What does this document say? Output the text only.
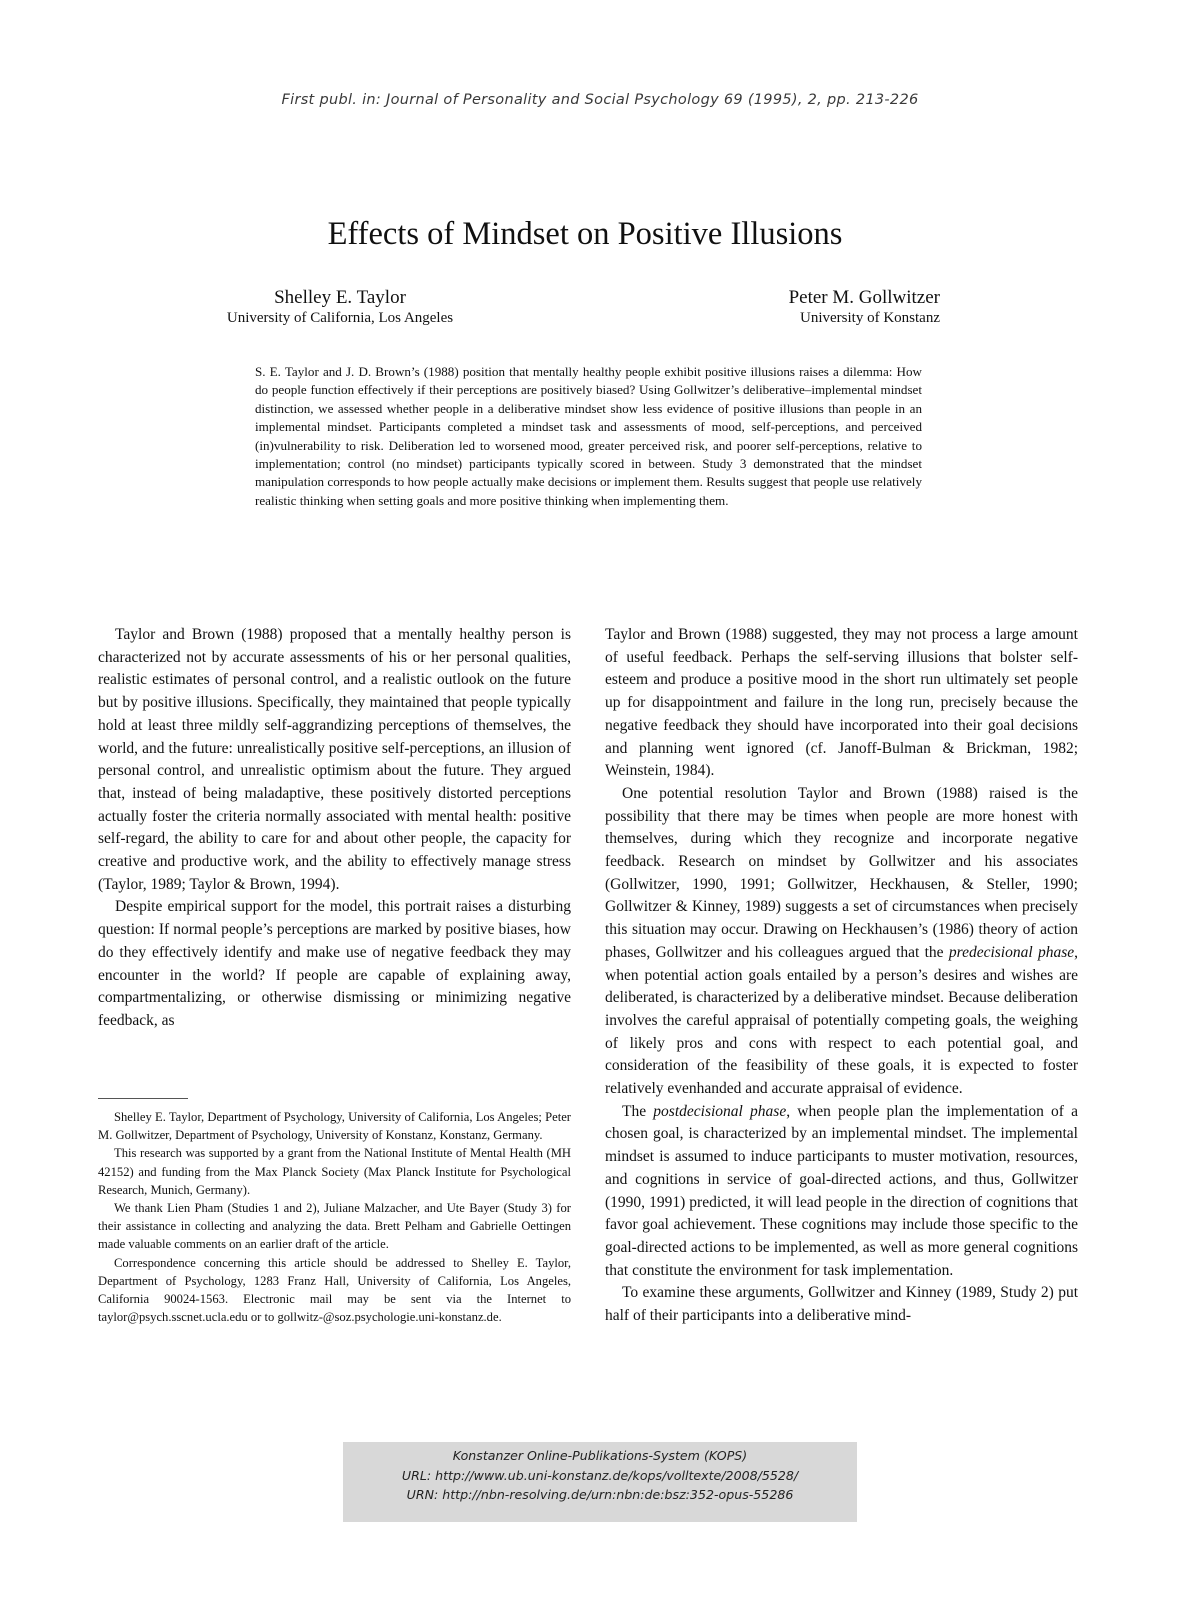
First publ. in: Journal of Personality and Social Psychology 69 (1995), 2, pp. 213-226
Effects of Mindset on Positive Illusions
Shelley E. Taylor
University of California, Los Angeles
Peter M. Gollwitzer
University of Konstanz

S. E. Taylor and J. D. Brown’s (1988) position that mentally healthy people exhibit positive illusions raises a dilemma: How do people function effectively if their perceptions are positively biased? Using Gollwitzer’s deliberative–implemental mindset distinction, we assessed whether people in a deliberative mindset show less evidence of positive illusions than people in an implemental mindset. Participants completed a mindset task and assessments of mood, self-perceptions, and perceived (in)vulnerability to risk. Deliberation led to worsened mood, greater perceived risk, and poorer self-perceptions, relative to implementation; control (no mindset) participants typically scored in between. Study 3 demonstrated that the mindset manipulation corresponds to how people actually make decisions or implement them. Results suggest that people use relatively realistic thinking when setting goals and more positive thinking when implementing them.

Taylor and Brown (1988) proposed that a mentally healthy person is characterized not by accurate assessments of his or her personal qualities, realistic estimates of personal control, and a realistic outlook on the future but by positive illusions. Specifically, they maintained that people typically hold at least three mildly self-aggrandizing perceptions of themselves, the world, and the future: unrealistically positive self-perceptions, an illusion of personal control, and unrealistic optimism about the future. They argued that, instead of being maladaptive, these positively distorted perceptions actually foster the criteria normally associated with mental health: positive self-regard, the ability to care for and about other people, the capacity for creative and productive work, and the ability to effectively manage stress (Taylor, 1989; Taylor & Brown, 1994).

Despite empirical support for the model, this portrait raises a disturbing question: If normal people’s perceptions are marked by positive biases, how do they effectively identify and make use of negative feedback they may encounter in the world? If people are capable of explaining away, compartmentalizing, or otherwise dismissing or minimizing negative feedback, as

Taylor and Brown (1988) suggested, they may not process a large amount of useful feedback. Perhaps the self-serving illusions that bolster self-esteem and produce a positive mood in the short run ultimately set people up for disappointment and failure in the long run, precisely because the negative feedback they should have incorporated into their goal decisions and planning went ignored (cf. Janoff-Bulman & Brickman, 1982; Weinstein, 1984).

One potential resolution Taylor and Brown (1988) raised is the possibility that there may be times when people are more honest with themselves, during which they recognize and incorporate negative feedback. Research on mindset by Gollwitzer and his associates (Gollwitzer, 1990, 1991; Gollwitzer, Heckhausen, & Steller, 1990; Gollwitzer & Kinney, 1989) suggests a set of circumstances when precisely this situation may occur. Drawing on Heckhausen’s (1986) theory of action phases, Gollwitzer and his colleagues argued that the predecisional phase, when potential action goals entailed by a person’s desires and wishes are deliberated, is characterized by a deliberative mindset. Because deliberation involves the careful appraisal of potentially competing goals, the weighing of likely pros and cons with respect to each potential goal, and consideration of the feasibility of these goals, it is expected to foster relatively evenhanded and accurate appraisal of evidence.

The postdecisional phase, when people plan the implementation of a chosen goal, is characterized by an implemental mindset. The implemental mindset is assumed to induce participants to muster motivation, resources, and cognitions in service of goal-directed actions, and thus, Gollwitzer (1990, 1991) predicted, it will lead people in the direction of cognitions that favor goal achievement. These cognitions may include those specific to the goal-directed actions to be implemented, as well as more general cognitions that constitute the environment for task implementation.

To examine these arguments, Gollwitzer and Kinney (1989, Study 2) put half of their participants into a deliberative mind-

Shelley E. Taylor, Department of Psychology, University of California, Los Angeles; Peter M. Gollwitzer, Department of Psychology, University of Konstanz, Konstanz, Germany.

This research was supported by a grant from the National Institute of Mental Health (MH 42152) and funding from the Max Planck Society (Max Planck Institute for Psychological Research, Munich, Germany).

We thank Lien Pham (Studies 1 and 2), Juliane Malzacher, and Ute Bayer (Study 3) for their assistance in collecting and analyzing the data. Brett Pelham and Gabrielle Oettingen made valuable comments on an earlier draft of the article.

Correspondence concerning this article should be addressed to Shelley E. Taylor, Department of Psychology, 1283 Franz Hall, University of California, Los Angeles, California 90024-1563. Electronic mail may be sent via the Internet to taylor@psych.sscnet.ucla.edu or to gollwitz-@soz.psychologie.uni-konstanz.de.

Konstanzer Online-Publikations-System (KOPS)
URL: http://www.ub.uni-konstanz.de/kops/volltexte/2008/5528/
URN: http://nbn-resolving.de/urn:nbn:de:bsz:352-opus-55286
